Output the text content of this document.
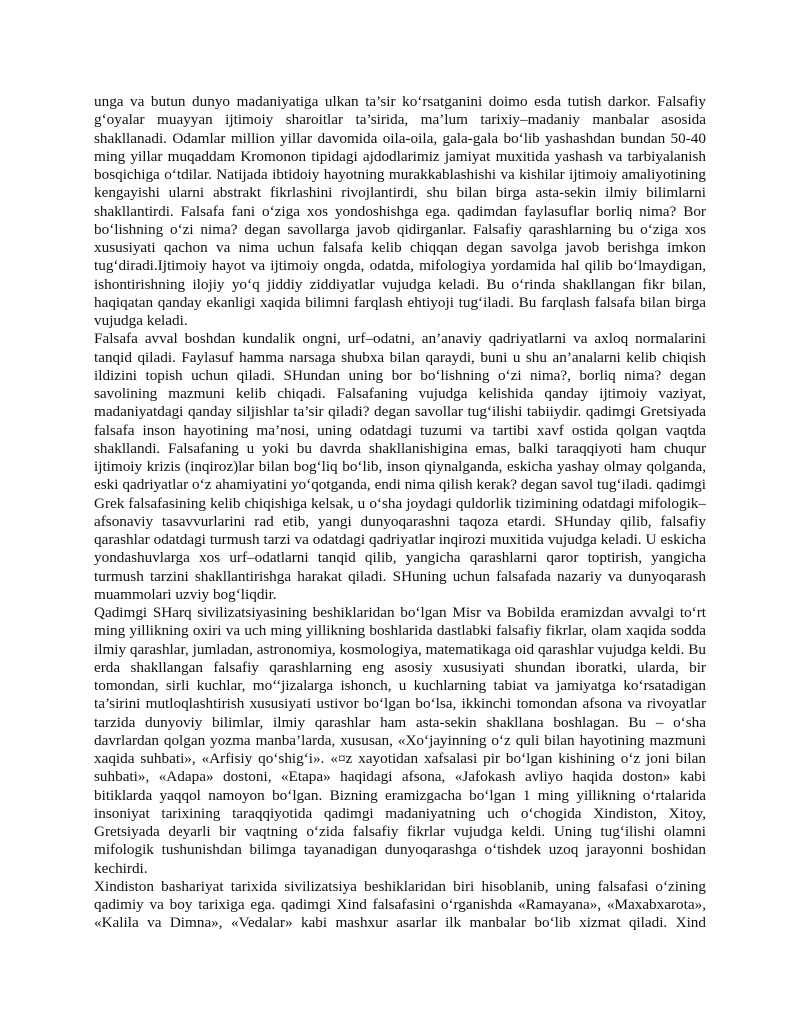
unga va butun dunyo madaniyatiga ulkan ta’sir ko‘rsatganini doimo esda tutish darkor. Falsafiy g‘oyalar muayyan ijtimoiy sharoitlar ta’sirida, ma’lum tarixiy–madaniy manbalar asosida shakllanadi. Odamlar million yillar davomida oila-oila, gala-gala bo‘lib yashashdan bundan 50-40 ming yillar muqaddam Kromonon tipidagi ajdodlarimiz jamiyat muxitida yashash va tarbiyalanish bosqichiga o‘tdilar. Natijada ibtidoiy hayotning murakkablashishi va kishilar ijtimoiy amaliyotining kengayishi ularni abstrakt fikrlashini rivojlantirdi, shu bilan birga asta-sekin ilmiy bilimlarni shakllantirdi. Falsafa fani o‘ziga xos yondoshishga ega. qadimdan faylasuflar borliq nima? Bor bo‘lishning o‘zi nima? degan savollarga javob qidirganlar. Falsafiy qarashlarning bu o‘ziga xos xususiyati qachon va nima uchun falsafa kelib chiqqan degan savolga javob berishga imkon tug‘diradi.Ijtimoiy hayot va ijtimoiy ongda, odatda, mifologiya yordamida hal qilib bo‘lmaydigan, ishontirishning ilojiy yo‘q jiddiy ziddiyatlar vujudga keladi. Bu o‘rinda shakllangan fikr bilan, haqiqatan qanday ekanligi xaqida bilimni farqlash ehtiyoji tug‘iladi. Bu farqlash falsafa bilan birga vujudga keladi.

Falsafa avval boshdan kundalik ongni, urf–odatni, an’anaviy qadriyatlarni va axloq normalarini tanqid qiladi. Faylasuf hamma narsaga shubxa bilan qaraydi, buni u shu an’analarni kelib chiqish ildizini topish uchun qiladi. SHundan uning bor bo‘lishning o‘zi nima?, borliq nima? degan savolining mazmuni kelib chiqadi. Falsafaning vujudga kelishida qanday ijtimoiy vaziyat, madaniyatdagi qanday siljishlar ta’sir qiladi? degan savollar tug‘ilishi tabiiydir. qadimgi Gretsiyada falsafa inson hayotining ma’nosi, uning odatdagi tuzumi va tartibi xavf ostida qolgan vaqtda shakllandi. Falsafaning u yoki bu davrda shakllanishigina emas, balki taraqqiyoti ham chuqur ijtimoiy krizis (inqiroz)lar bilan bog‘liq bo‘lib, inson qiynalganda, eskicha yashay olmay qolganda, eski qadriyatlar o‘z ahamiyatini yo‘qotganda, endi nima qilish kerak? degan savol tug‘iladi. qadimgi Grek falsafasining kelib chiqishiga kelsak, u o‘sha joydagi quldorlik tizimining odatdagi mifologik–afsonaviy tasavvurlarini rad etib, yangi dunyoqarashni taqoza etardi. SHunday qilib, falsafiy qarashlar odatdagi turmush tarzi va odatdagi qadriyatlar inqirozi muxitida vujudga keladi. U eskicha yondashuvlarga xos urf–odatlarni tanqid qilib, yangicha qarashlarni qaror toptirish, yangicha turmush tarzini shakllantirishga harakat qiladi. SHuning uchun falsafada nazariy va dunyoqarash muammolari uzviy bog‘liqdir.

Qadimgi SHarq sivilizatsiyasining beshiklaridan bo‘lgan Misr va Bobilda eramizdan avvalgi to‘rt ming yillikning oxiri va uch ming yillikning boshlarida dastlabki falsafiy fikrlar, olam xaqida sodda ilmiy qarashlar, jumladan, astronomiya, kosmologiya, matematikaga oid qarashlar vujudga keldi. Bu erda shakllangan falsafiy qarashlarning eng asosiy xususiyati shundan iboratki, ularda, bir tomondan, sirli kuchlar, mo‘‘jizalarga ishonch, u kuchlarning tabiat va jamiyatga ko‘rsatadigan ta’sirini mutloqlashtirish xususiyati ustivor bo‘lgan bo‘lsa, ikkinchi tomondan afsona va rivoyatlar tarzida dunyoviy bilimlar, ilmiy qarashlar ham asta-sekin shakllana boshlagan. Bu – o‘sha davrlardan qolgan yozma manba’larda, xususan, «Xo‘jayinning o‘z quli bilan hayotining mazmuni xaqida suhbati», «Arfisiy qo‘shig‘i». «¤z xayotidan xafsalasi pir bo‘lgan kishining o‘z joni bilan suhbati», «Adapa» dostoni, «Etapa» haqidagi afsona, «Jafokash avliyo haqida doston» kabi bitiklarda yaqqol namoyon bo‘lgan. Bizning eramizgacha bo‘lgan 1 ming yillikning o‘rtalarida insoniyat tarixining taraqqiyotida qadimgi madaniyatning uch o‘chogida Xindiston, Xitoy, Gretsiyada deyarli bir vaqtning o‘zida falsafiy fikrlar vujudga keldi. Uning tug‘ilishi olamni mifologik tushunishdan bilimga tayanadigan dunyoqarashga o‘tishdek uzoq jarayonni boshidan kechirdi.

Xindiston bashariyat tarixida sivilizatsiya beshiklaridan biri hisoblanib, uning falsafasi o‘zining qadimiy va boy tarixiga ega. qadimgi Xind falsafasini o‘rganishda «Ramayana», «Maxabxarota», «Kalila va Dimna», «Vedalar» kabi mashxur asarlar ilk manbalar bo‘lib xizmat qiladi. Xind
